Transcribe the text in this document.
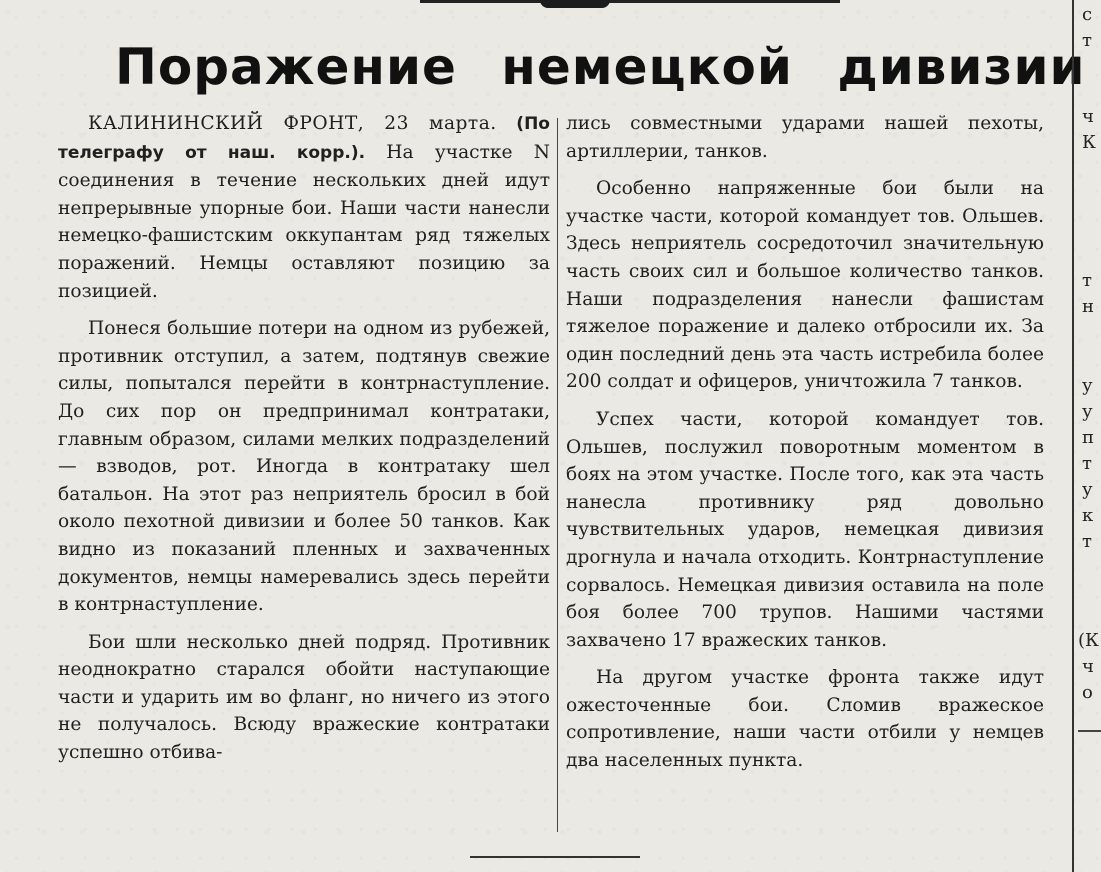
Поражение немецкой дивизии

КАЛИНИНСКИЙ ФРОНТ, 23 марта. (По телеграфу от наш. корр.). На участке N соединения в течение нескольких дней идут непрерывные упорные бои. Наши части нанесли немецко-фашистским оккупантам ряд тяжелых поражений. Немцы оставляют позицию за позицией.

Понеся большие потери на одном из рубежей, противник отступил, а затем, подтянув свежие силы, попытался перейти в контрнаступление. До сих пор он предпринимал контратаки, главным образом, силами мелких подразделений — взводов, рот. Иногда в контратаку шел батальон. На этот раз неприятель бросил в бой около пехотной дивизии и более 50 танков. Как видно из показаний пленных и захваченных документов, немцы намеревались здесь перейти в контрнаступление.

Бои шли несколько дней подряд. Противник неоднократно старался обойти наступающие части и ударить им во фланг, но ничего из этого не получалось. Всюду вражеские контратаки успешно отбива-

лись совместными ударами нашей пехоты, артиллерии, танков.

Особенно напряженные бои были на участке части, которой командует тов. Ольшев. Здесь неприятель сосредоточил значительную часть своих сил и большое количество танков. Наши подразделения нанесли фашистам тяжелое поражение и далеко отбросили их. За один последний день эта часть истребила более 200 солдат и офицеров, уничтожила 7 танков.

Успех части, которой командует тов. Ольшев, послужил поворотным моментом в боях на этом участке. После того, как эта часть нанесла противнику ряд довольно чувствительных ударов, немецкая дивизия дрогнула и начала отходить. Контрнаступление сорвалось. Немецкая дивизия оставила на поле боя более 700 трупов. Нашими частями захвачено 17 вражеских танков.

На другом участке фронта также идут ожесточенные бои. Сломив вражеское сопротивление, наши части отбили у немцев два населенных пункта.

с
т
ч
К
т
н
у
у
п
т
у
к
т
(К
ч
о
